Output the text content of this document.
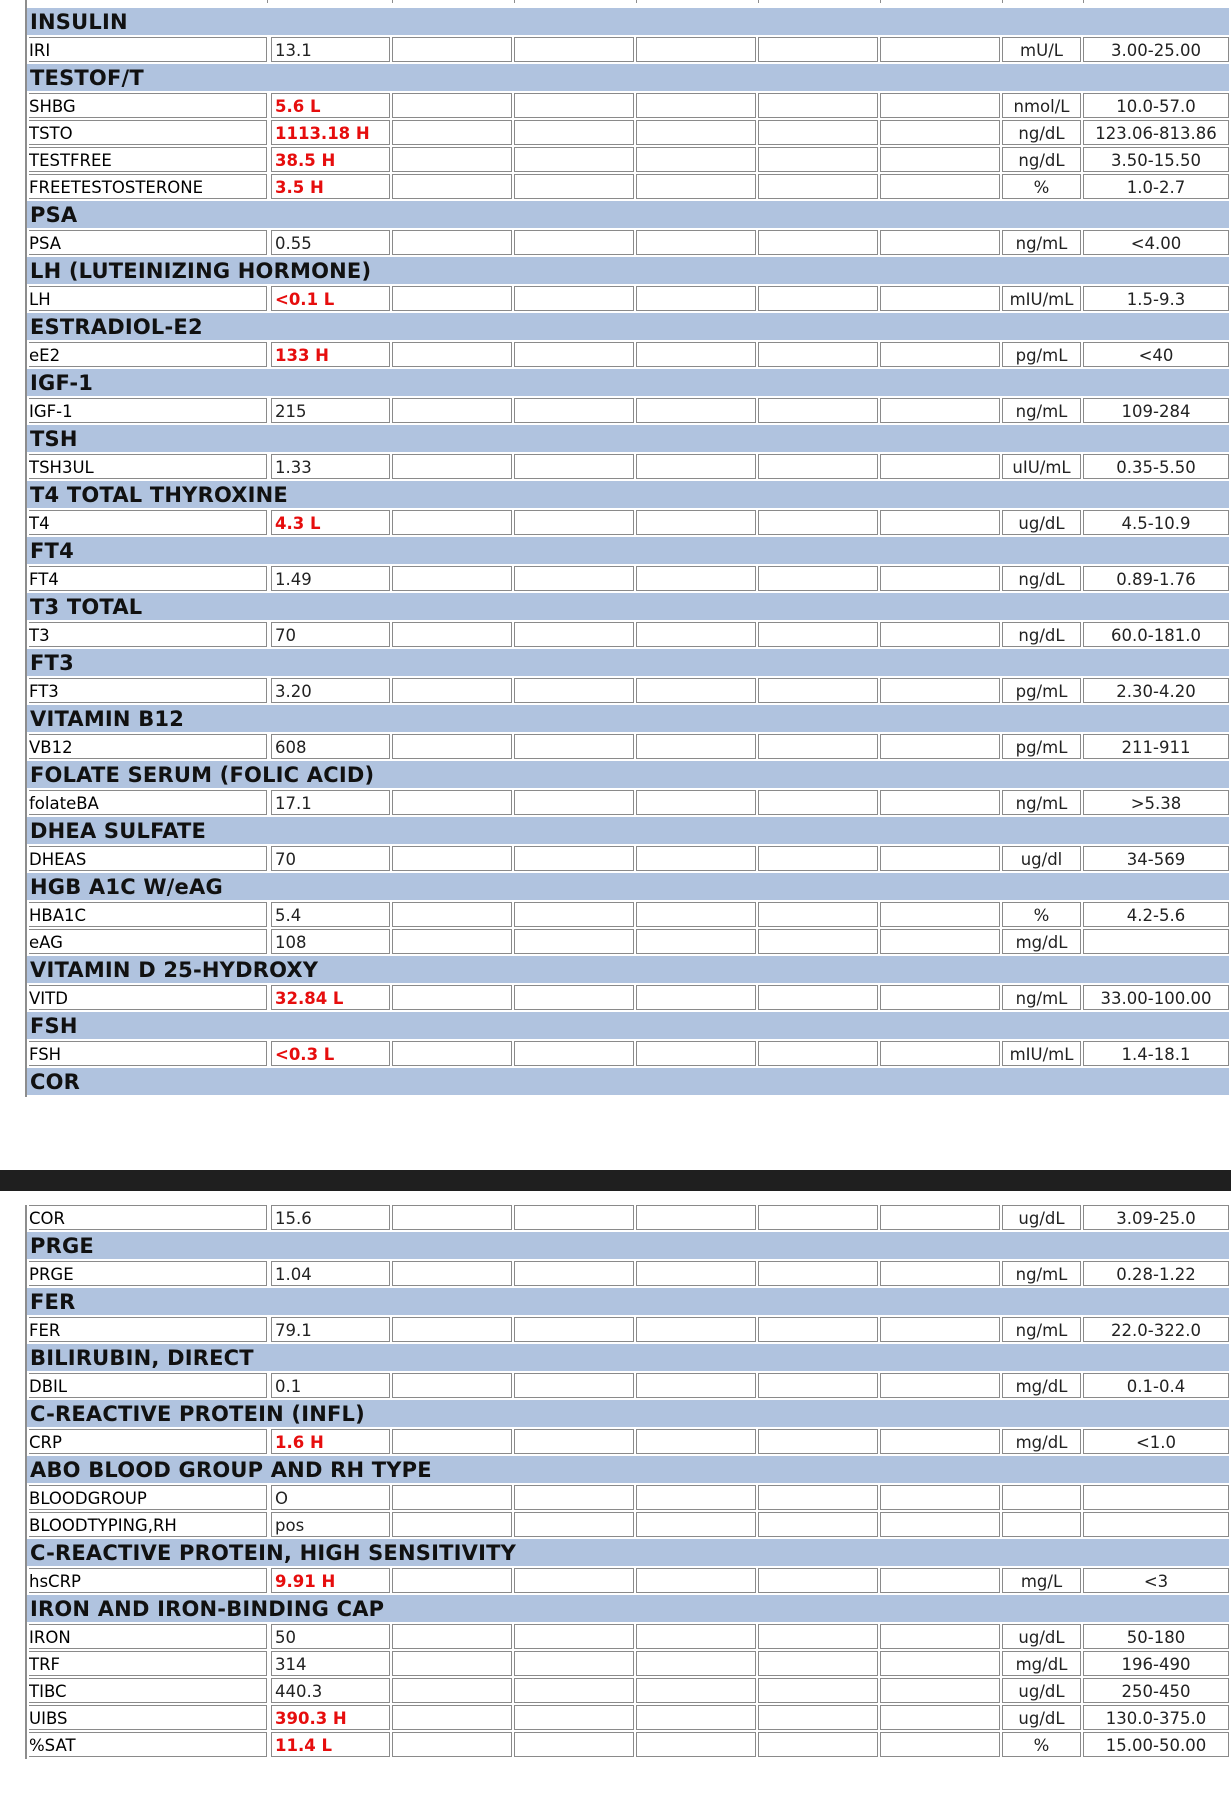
INSULIN
IRI	13.1	mU/L	3.00-25.00
TESTOF/T
SHBG	5.6 L	nmol/L	10.0-57.0
TSTO	1113.18 H	ng/dL	123.06-813.86
TESTFREE	38.5 H	ng/dL	3.50-15.50
FREETESTOSTERONE	3.5 H	%	1.0-2.7
PSA
PSA	0.55	ng/mL	<4.00
LH (LUTEINIZING HORMONE)
LH	<0.1 L	mIU/mL	1.5-9.3
ESTRADIOL-E2
eE2	133 H	pg/mL	<40
IGF-1
IGF-1	215	ng/mL	109-284
TSH
TSH3UL	1.33	uIU/mL	0.35-5.50
T4 TOTAL THYROXINE
T4	4.3 L	ug/dL	4.5-10.9
FT4
FT4	1.49	ng/dL	0.89-1.76
T3 TOTAL
T3	70	ng/dL	60.0-181.0
FT3
FT3	3.20	pg/mL	2.30-4.20
VITAMIN B12
VB12	608	pg/mL	211-911
FOLATE SERUM (FOLIC ACID)
folateBA	17.1	ng/mL	>5.38
DHEA SULFATE
DHEAS	70	ug/dl	34-569
HGB A1C W/eAG
HBA1C	5.4	%	4.2-5.6
eAG	108	mg/dL
VITAMIN D 25-HYDROXY
VITD	32.84 L	ng/mL	33.00-100.00
FSH
FSH	<0.3 L	mIU/mL	1.4-18.1
COR
COR	15.6	ug/dL	3.09-25.0
PRGE
PRGE	1.04	ng/mL	0.28-1.22
FER
FER	79.1	ng/mL	22.0-322.0
BILIRUBIN, DIRECT
DBIL	0.1	mg/dL	0.1-0.4
C-REACTIVE PROTEIN (INFL)
CRP	1.6 H	mg/dL	<1.0
ABO BLOOD GROUP AND RH TYPE
BLOODGROUP	O
BLOODTYPING,RH	pos
C-REACTIVE PROTEIN, HIGH SENSITIVITY
hsCRP	9.91 H	mg/L	<3
IRON AND IRON-BINDING CAP
IRON	50	ug/dL	50-180
TRF	314	mg/dL	196-490
TIBC	440.3	ug/dL	250-450
UIBS	390.3 H	ug/dL	130.0-375.0
%SAT	11.4 L	%	15.00-50.00
